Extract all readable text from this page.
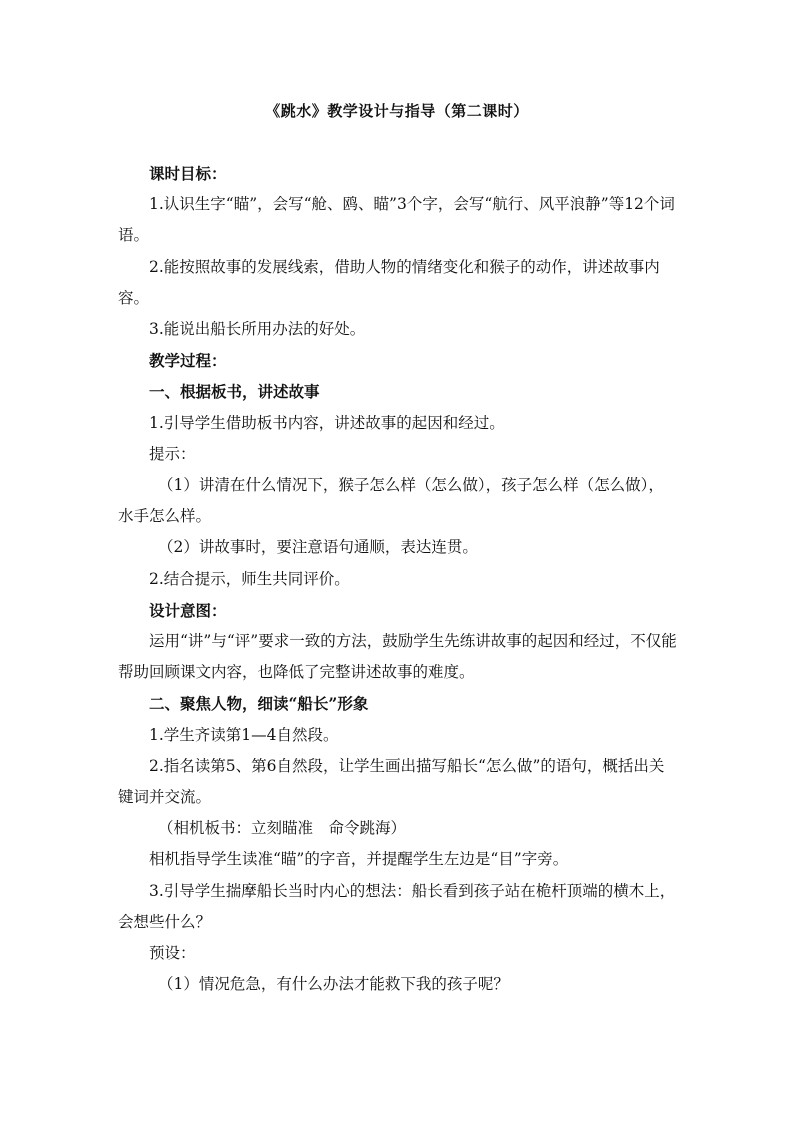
《跳水》教学设计与指导（第二课时）

课时目标：

1.认识生字“瞄”，会写“舱、鸥、瞄”3个字，会写“航行、风平浪静”等12个词语。

2.能按照故事的发展线索，借助人物的情绪变化和猴子的动作，讲述故事内容。

3.能说出船长所用办法的好处。

教学过程：

一、根据板书，讲述故事

1.引导学生借助板书内容，讲述故事的起因和经过。

提示：

（1）讲清在什么情况下，猴子怎么样（怎么做），孩子怎么样（怎么做），水手怎么样。

（2）讲故事时，要注意语句通顺，表达连贯。

2.结合提示，师生共同评价。

设计意图：

运用“讲”与“评”要求一致的方法，鼓励学生先练讲故事的起因和经过，不仅能帮助回顾课文内容，也降低了完整讲述故事的难度。

二、聚焦人物，细读“船长”形象

1.学生齐读第1—4自然段。

2.指名读第5、第6自然段，让学生画出描写船长“怎么做”的语句，概括出关键词并交流。

（相机板书：立刻瞄准　命令跳海）

相机指导学生读准“瞄”的字音，并提醒学生左边是“目”字旁。

3.引导学生揣摩船长当时内心的想法：船长看到孩子站在桅杆顶端的横木上，会想些什么？

预设：

（1）情况危急，有什么办法才能救下我的孩子呢？
